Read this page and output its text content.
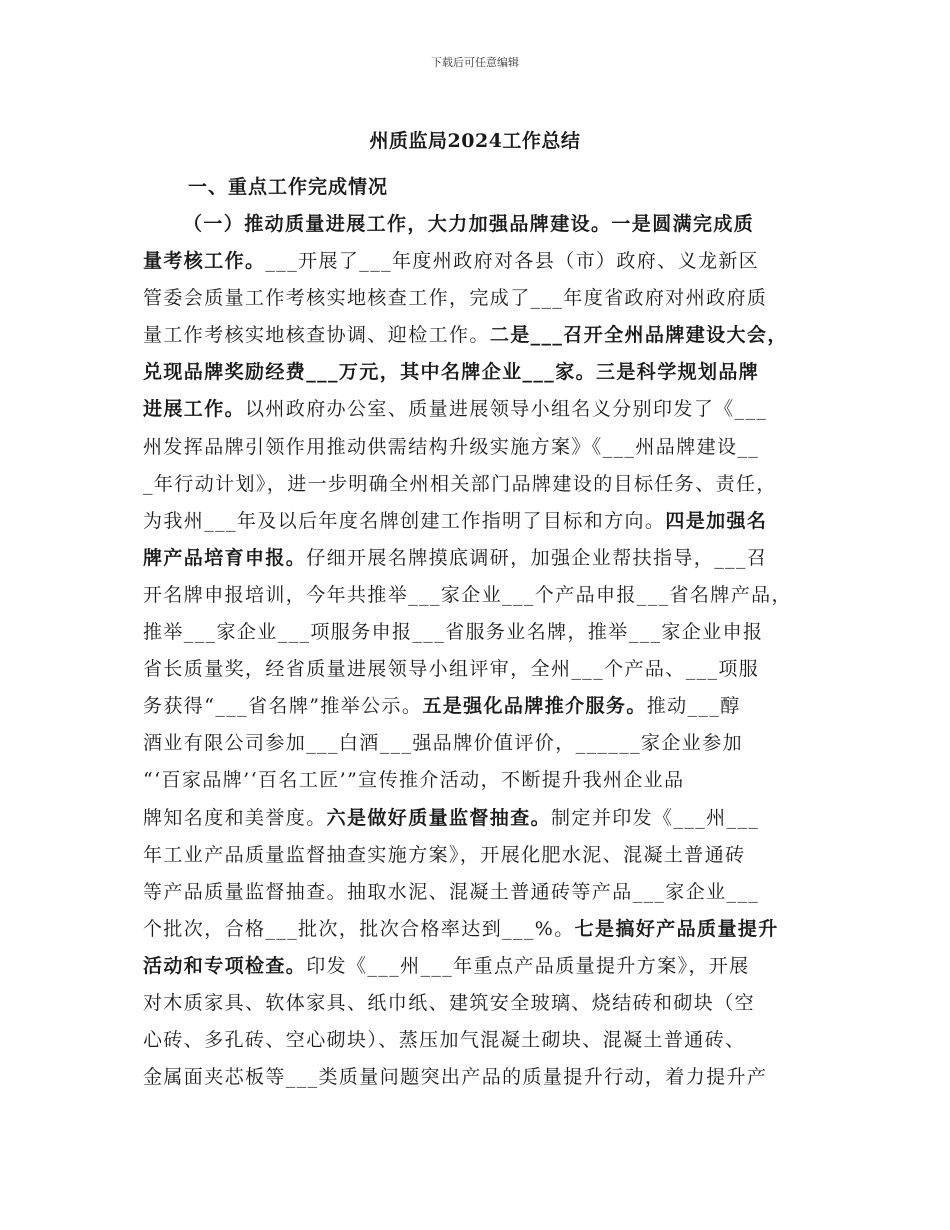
下载后可任意编辑
州质监局2024工作总结
一、重点工作完成情况
（一）推动质量进展工作，大力加强品牌建设。一是圆满完成质
量考核工作。___开展了___年度州政府对各县（市）政府、义龙新区
管委会质量工作考核实地核查工作，完成了___年度省政府对州政府质
量工作考核实地核查协调、迎检工作。二是___召开全州品牌建设大会，
兑现品牌奖励经费___万元，其中名牌企业___家。三是科学规划品牌
进展工作。以州政府办公室、质量进展领导小组名义分别印发了《___
州发挥品牌引领作用推动供需结构升级实施方案》《___州品牌建设__
_年行动计划》，进一步明确全州相关部门品牌建设的目标任务、责任，
为我州___年及以后年度名牌创建工作指明了目标和方向。四是加强名
牌产品培育申报。仔细开展名牌摸底调研，加强企业帮扶指导，___召
开名牌申报培训，今年共推举___家企业___个产品申报___省名牌产品，
推举___家企业___项服务申报___省服务业名牌，推举___家企业申报
省长质量奖，经省质量进展领导小组评审，全州___个产品、___项服
务获得“___省名牌”推举公示。五是强化品牌推介服务。推动___醇
酒业有限公司参加___白酒___强品牌价值评价，______家企业参加
“‘百家品牌’‘百名工匠’”宣传推介活动，不断提升我州企业品
牌知名度和美誉度。六是做好质量监督抽查。制定并印发《___州___
年工业产品质量监督抽查实施方案》，开展化肥水泥、混凝土普通砖
等产品质量监督抽查。抽取水泥、混凝土普通砖等产品___家企业___
个批次，合格___批次，批次合格率达到___%。七是搞好产品质量提升
活动和专项检查。印发《___州___年重点产品质量提升方案》，开展
对木质家具、软体家具、纸巾纸、建筑安全玻璃、烧结砖和砌块（空
心砖、多孔砖、空心砌块）、蒸压加气混凝土砌块、混凝土普通砖、
金属面夹芯板等___类质量问题突出产品的质量提升行动，着力提升产
